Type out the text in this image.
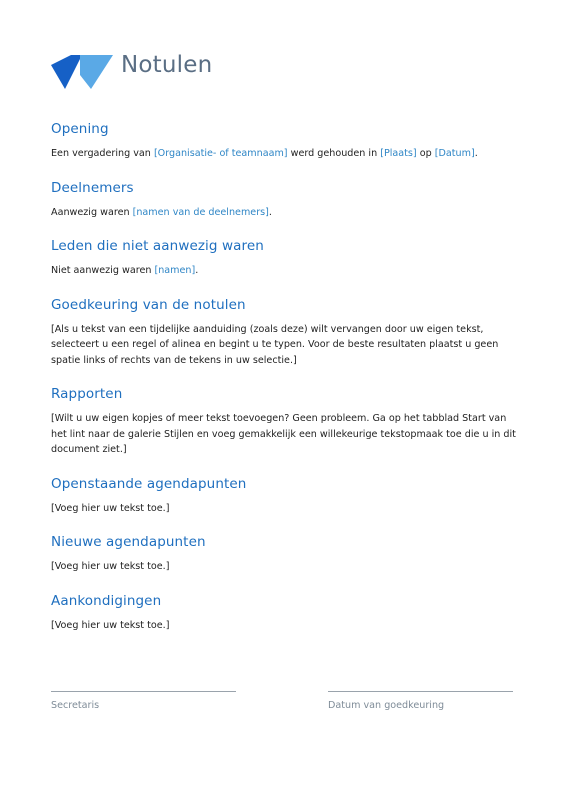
Notulen
Opening

Een vergadering van [Organisatie- of teamnaam] werd gehouden in [Plaats] op [Datum].

Deelnemers

Aanwezig waren [namen van de deelnemers].

Leden die niet aanwezig waren

Niet aanwezig waren [namen].

Goedkeuring van de notulen

[Als u tekst van een tijdelijke aanduiding (zoals deze) wilt vervangen door uw eigen tekst, selecteert u een regel of alinea en begint u te typen. Voor de beste resultaten plaatst u geen spatie links of rechts van de tekens in uw selectie.]

Rapporten

[Wilt u uw eigen kopjes of meer tekst toevoegen? Geen probleem. Ga op het tabblad Start van het lint naar de galerie Stijlen en voeg gemakkelijk een willekeurige tekstopmaak toe die u in dit document ziet.]

Openstaande agendapunten

[Voeg hier uw tekst toe.]

Nieuwe agendapunten

[Voeg hier uw tekst toe.]

Aankondigingen

[Voeg hier uw tekst toe.]

Secretaris	Datum van goedkeuring
